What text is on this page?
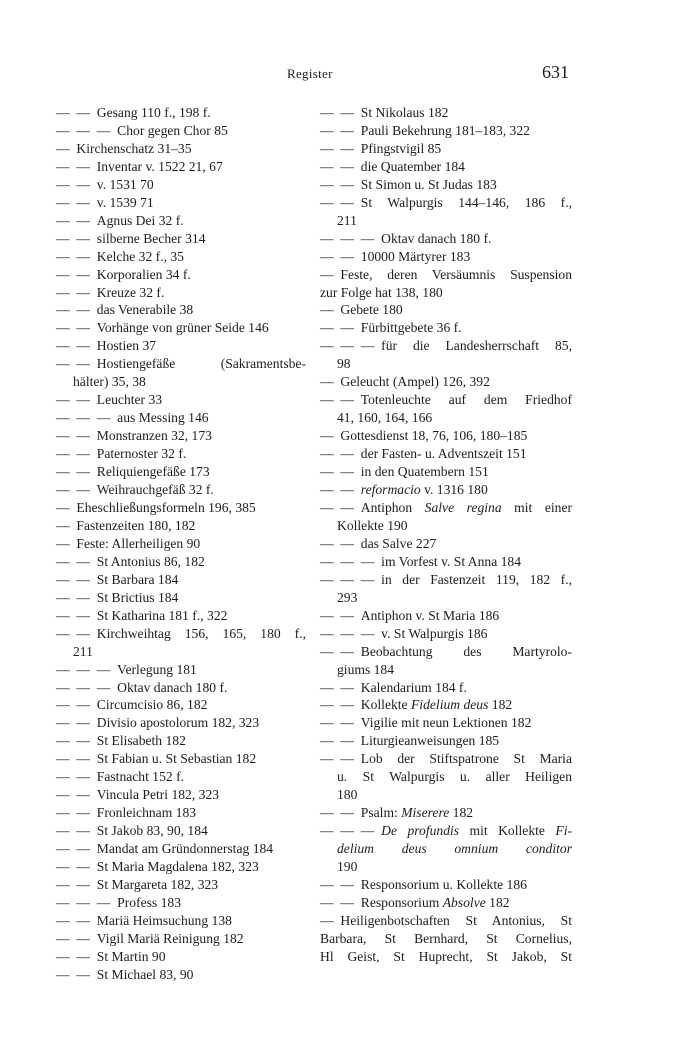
Register	631
—  — Gesang 110 f., 198 f.
—  —  — Chor gegen Chor 85
— Kirchenschatz 31–35
—  — Inventar v. 1522 21, 67
—  — v. 1531 70
—  — v. 1539 71
—  — Agnus Dei 32 f.
—  — silberne Becher 314
—  — Kelche 32 f., 35
—  — Korporalien 34 f.
—  — Kreuze 32 f.
—  — das Venerabile 38
—  — Vorhänge von grüner Seide 146
—  — Hostien 37
—  — Hostiengefäße (Sakramentsbe-
hälter) 35, 38
—  — Leuchter 33
—  —  — aus Messing 146
—  — Monstranzen 32, 173
—  — Paternoster 32 f.
—  — Reliquiengefäße 173
—  — Weihrauchgefäß 32 f.
— Eheschließungsformeln 196, 385
— Fastenzeiten 180, 182
— Feste: Allerheiligen 90
—  — St Antonius 86, 182
—  — St Barbara 184
—  — St Brictius 184
—  — St Katharina 181 f., 322
—  — Kirchweihtag 156, 165, 180 f.,
211
—  —  — Verlegung 181
—  —  — Oktav danach 180 f.
—  — Circumcisio 86, 182
—  — Divisio apostolorum 182, 323
—  — St Elisabeth 182
—  — St Fabian u. St Sebastian 182
—  — Fastnacht 152 f.
—  — Vincula Petri 182, 323
—  — Fronleichnam 183
—  — St Jakob 83, 90, 184
—  — Mandat am Gründonnerstag 184
—  — St Maria Magdalena 182, 323
—  — St Margareta 182, 323
—  —  — Profess 183
—  — Mariä Heimsuchung 138
—  — Vigil Mariä Reinigung 182
—  — St Martin 90
—  — St Michael 83, 90
—  — St Nikolaus 182
—  — Pauli Bekehrung 181–183, 322
—  — Pfingstvigil 85
—  — die Quatember 184
—  — St Simon u. St Judas 183
—  — St Walpurgis 144–146, 186 f.,
211
—  —  — Oktav danach 180 f.
—  — 10000 Märtyrer 183
— Feste, deren Versäumnis Suspension
zur Folge hat 138, 180
— Gebete 180
—  — Fürbittgebete 36 f.
—  —  — für die Landesherrschaft 85,
98
— Geleucht (Ampel) 126, 392
—  — Totenleuchte auf dem Friedhof
41, 160, 164, 166
— Gottesdienst 18, 76, 106, 180–185
—  — der Fasten- u. Adventszeit 151
—  — in den Quatembern 151
—  — reformacio v. 1316 180
—  — Antiphon Salve regina mit einer
Kollekte 190
—  — das Salve 227
—  —  — im Vorfest v. St Anna 184
—  —  — in der Fastenzeit 119, 182 f.,
293
—  — Antiphon v. St Maria 186
—  —  — v. St Walpurgis 186
—  — Beobachtung des Martyrolo-
giums 184
—  — Kalendarium 184 f.
—  — Kollekte Fidelium deus 182
—  — Vigilie mit neun Lektionen 182
—  — Liturgieanweisungen 185
—  — Lob der Stiftspatrone St Maria
u. St Walpurgis u. aller Heiligen
180
—  — Psalm: Miserere 182
—  —  — De profundis mit Kollekte Fi-
delium deus omnium conditor
190
—  — Responsorium u. Kollekte 186
—  — Responsorium Absolve 182
— Heiligenbotschaften St Antonius, St
Barbara, St Bernhard, St Cornelius,
Hl Geist, St Huprecht, St Jakob, St
